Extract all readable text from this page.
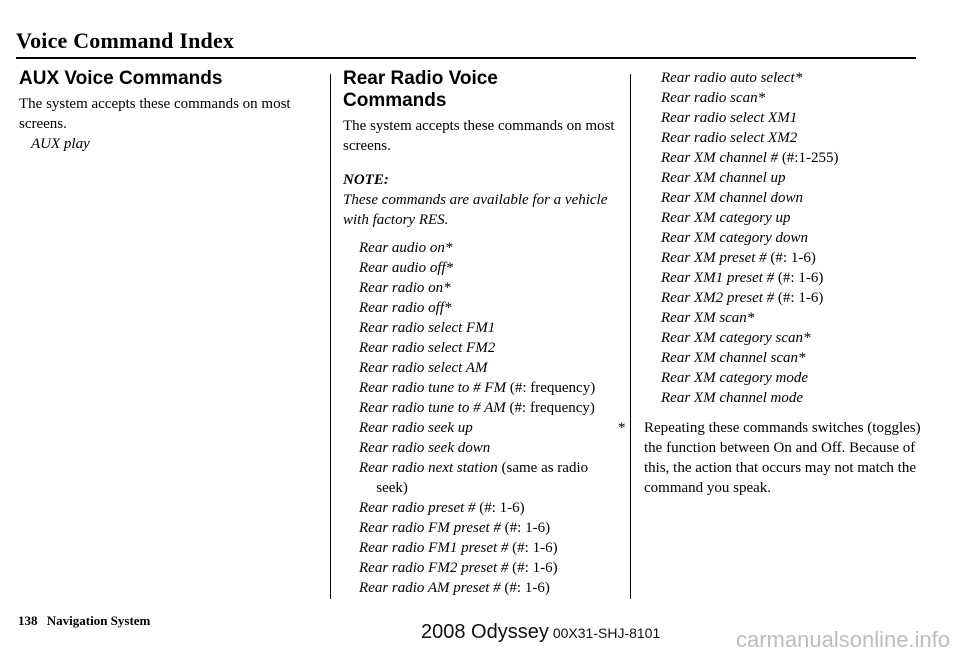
Voice Command Index
AUX Voice Commands

The system accepts these commands on most screens.

AUX play
Rear Radio Voice
Commands

The system accepts these commands on most screens.

NOTE:

These commands are available for a vehicle with factory RES.

Rear audio on*
Rear audio off*
Rear radio on*
Rear radio off*
Rear radio select FM1
Rear radio select FM2
Rear radio select AM
Rear radio tune to # FM (#: frequency)
Rear radio tune to # AM (#: frequency)
Rear radio seek up
Rear radio seek down
Rear radio next station (same as radio seek)
Rear radio preset # (#: 1-6)
Rear radio FM preset # (#: 1-6)
Rear radio FM1 preset # (#: 1-6)
Rear radio FM2 preset # (#: 1-6)
Rear radio AM preset # (#: 1-6)
Rear radio auto select*
Rear radio scan*
Rear radio select XM1
Rear radio select XM2
Rear XM channel # (#:1-255)
Rear XM channel up
Rear XM channel down
Rear XM category up
Rear XM category down
Rear XM preset # (#: 1-6)
Rear XM1 preset # (#: 1-6)
Rear XM2 preset # (#: 1-6)
Rear XM scan*
Rear XM category scan*
Rear XM channel scan*
Rear XM category mode
Rear XM channel mode
*	Repeating these commands switches (toggles) the function between On and Off. Because of this, the action that occurs may not match the command you speak.
138 Navigation System
2008 Odyssey 00X31-SHJ-8101	carmanualsonline.info
